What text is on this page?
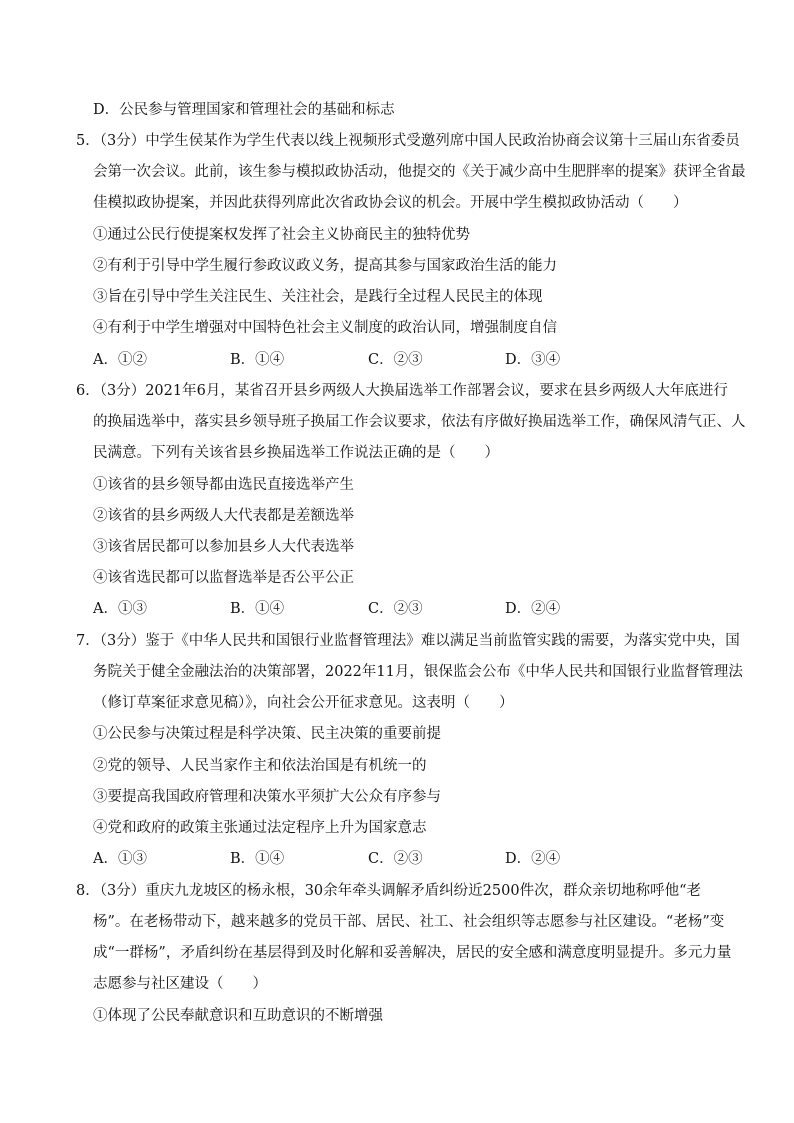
D．公民参与管理国家和管理社会的基础和标志
5．（3分）中学生侯某作为学生代表以线上视频形式受邀列席中国人民政治协商会议第十三届山东省委员
会第一次会议。此前，该生参与模拟政协活动，他提交的《关于减少高中生肥胖率的提案》获评全省最
佳模拟政协提案，并因此获得列席此次省政协会议的机会。开展中学生模拟政协活动（　　）
①通过公民行使提案权发挥了社会主义协商民主的独特优势
②有利于引导中学生履行参政议政义务，提高其参与国家政治生活的能力
③旨在引导中学生关注民生、关注社会，是践行全过程人民民主的体现
④有利于中学生增强对中国特色社会主义制度的政治认同，增强制度自信
A．①②	B．①④	C．②③	D．③④
6．（3分）2021年6月，某省召开县乡两级人大换届选举工作部署会议，要求在县乡两级人大年底进行
的换届选举中，落实县乡领导班子换届工作会议要求，依法有序做好换届选举工作，确保风清气正、人
民满意。下列有关该省县乡换届选举工作说法正确的是（　　）
①该省的县乡领导都由选民直接选举产生
②该省的县乡两级人大代表都是差额选举
③该省居民都可以参加县乡人大代表选举
④该省选民都可以监督选举是否公平公正
A．①③	B．①④	C．②③	D．②④
7．（3分）鉴于《中华人民共和国银行业监督管理法》难以满足当前监管实践的需要，为落实党中央，国
务院关于健全金融法治的决策部署，2022年11月，银保监会公布《中华人民共和国银行业监督管理法
（修订草案征求意见稿）》，向社会公开征求意见。这表明（　　）
①公民参与决策过程是科学决策、民主决策的重要前提
②党的领导、人民当家作主和依法治国是有机统一的
③要提高我国政府管理和决策水平须扩大公众有序参与
④党和政府的政策主张通过法定程序上升为国家意志
A．①③	B．①④	C．②③	D．②④
8．（3分）重庆九龙坡区的杨永根，30余年牵头调解矛盾纠纷近2500件次，群众亲切地称呼他“老
杨”。在老杨带动下，越来越多的党员干部、居民、社工、社会组织等志愿参与社区建设。“老杨”变
成“一群杨”，矛盾纠纷在基层得到及时化解和妥善解决，居民的安全感和满意度明显提升。多元力量
志愿参与社区建设（　　）
①体现了公民奉献意识和互助意识的不断增强
